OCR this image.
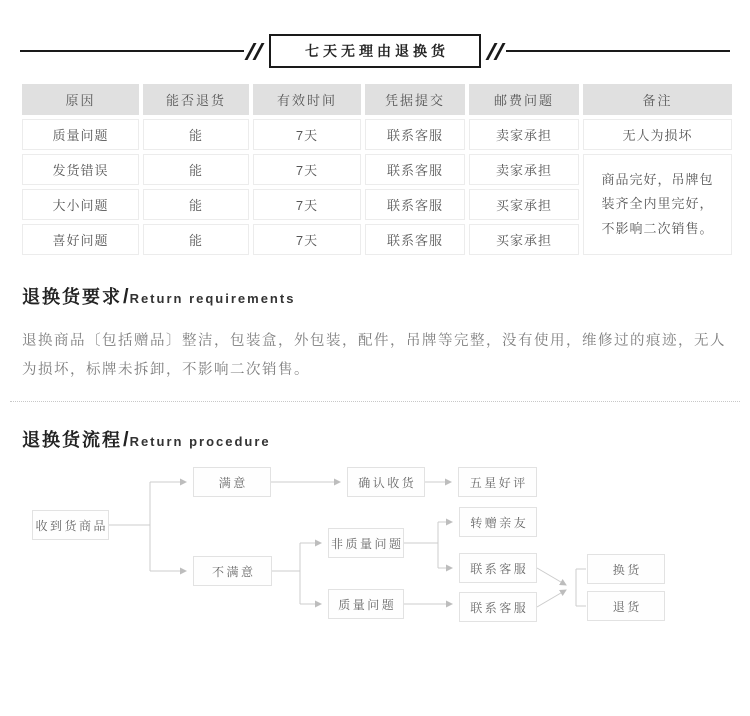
七天无理由退换货
原因	能否退货	有效时间	凭据提交	邮费问题	备注
质量问题	能	7天	联系客服	卖家承担	无人为损坏
发货错误	能	7天	联系客服	卖家承担	商品完好，吊牌包装齐全内里完好，不影响二次销售。
大小问题	能	7天	联系客服	买家承担	
喜好问题	能	7天	联系客服	买家承担	
退换货要求/Return requirements

退换商品〔包括赠品〕整洁，包装盒，外包装，配件，吊牌等完整，没有使用，维修过的痕迹，无人为损坏，标牌未拆卸，不影响二次销售。

退换货流程/Return procedure
收到货商品
满意	确认收货	五星好评
不满意
非质量问题
质量问题
转赠亲友
联系客服
联系客服
换货
退货
